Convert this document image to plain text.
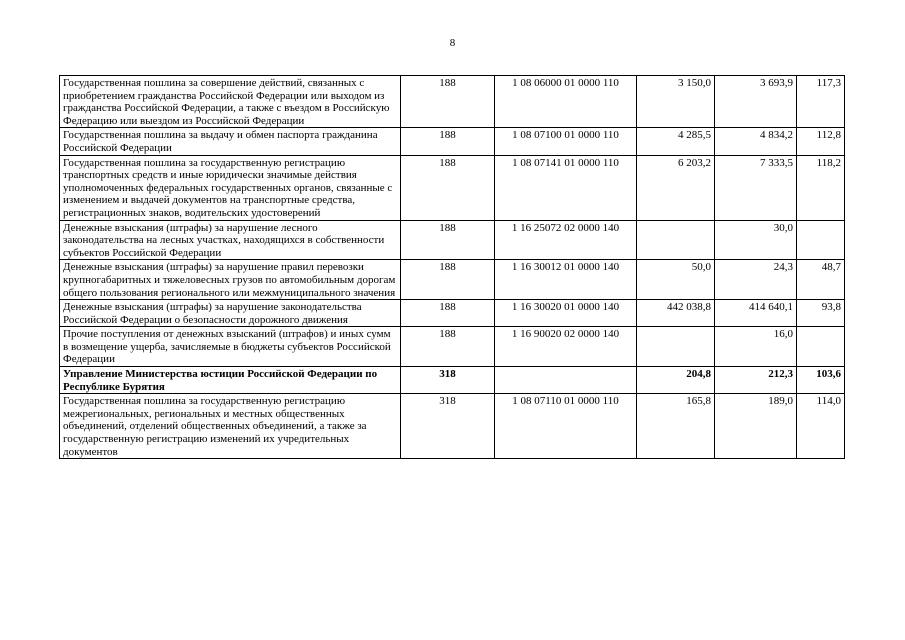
8
Государственная пошлина за совершение действий, связанных с приобретением гражданства Российской Федерации или выходом из гражданства Российской Федерации, а также с въездом в Российскую Федерацию или выездом из Российской Федерации	188	1 08 06000 01 0000 110	3 150,0	3 693,9	117,3
Государственная пошлина за выдачу и обмен паспорта гражданина Российской Федерации	188	1 08 07100 01 0000 110	4 285,5	4 834,2	112,8
Государственная пошлина за государственную регистрацию транспортных средств и иные юридически значимые действия уполномоченных федеральных государственных органов, связанные с изменением и выдачей документов на транспортные средства, регистрационных знаков, водительских удостоверений	188	1 08 07141 01 0000 110	6 203,2	7 333,5	118,2
Денежные взыскания (штрафы) за нарушение лесного законодательства на лесных участках, находящихся в собственности субъектов Российской Федерации	188	1 16 25072 02 0000 140		30,0	
Денежные взыскания (штрафы) за нарушение правил перевозки крупногабаритных и тяжеловесных грузов по автомобильным дорогам общего пользования регионального или межмуниципального значения	188	1 16 30012 01 0000 140	50,0	24,3	48,7
Денежные взыскания (штрафы) за нарушение законодательства Российской Федерации о безопасности дорожного движения	188	1 16 30020 01 0000 140	442 038,8	414 640,1	93,8
Прочие поступления от денежных взысканий (штрафов) и иных сумм в возмещение ущерба, зачисляемые в бюджеты субъектов Российской Федерации	188	1 16 90020 02 0000 140		16,0	
Управление Министерства юстиции Российской Федерации по Республике Бурятия	318		204,8	212,3	103,6
Государственная пошлина за государственную регистрацию межрегиональных, региональных и местных общественных объединений, отделений общественных объединений, а также за государственную регистрацию изменений их учредительных документов	318	1 08 07110 01 0000 110	165,8	189,0	114,0
